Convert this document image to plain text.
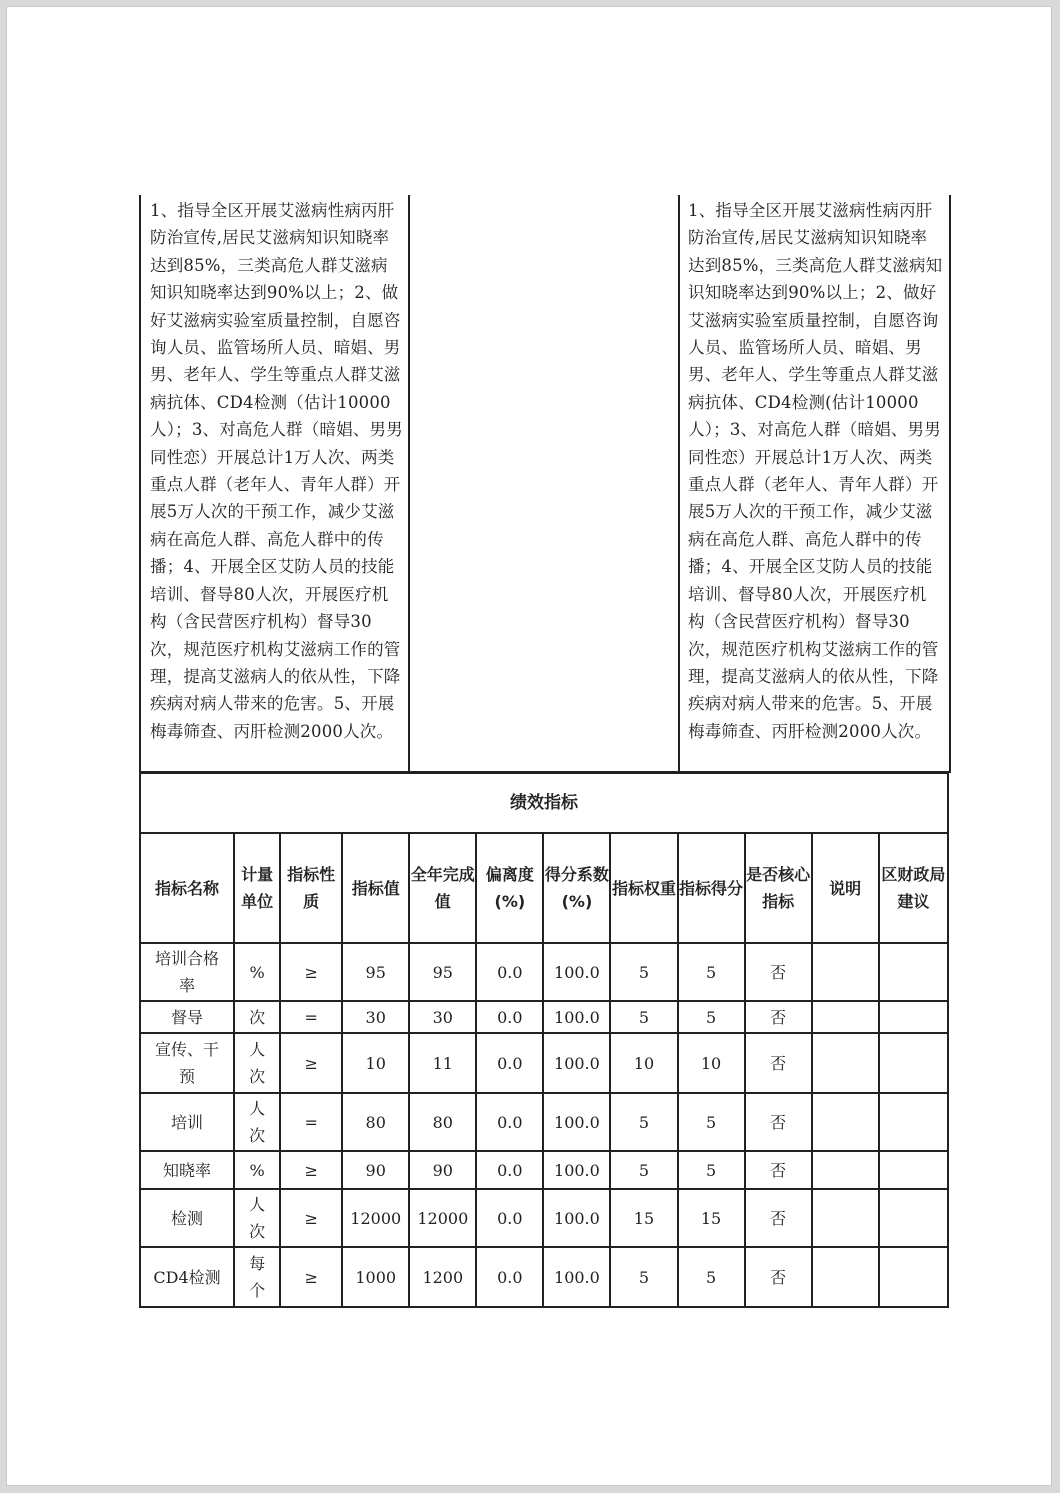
1、指导全区开展艾滋病性病丙肝防治宣传,居民艾滋病知识知晓率达到85%，三类高危人群艾滋病知识知晓率达到90%以上；2、做好艾滋病实验室质量控制，自愿咨询人员、监管场所人员、暗娼、男男、老年人、学生等重点人群艾滋病抗体、CD4检测（估计10000人）；3、对高危人群（暗娼、男男同性恋）开展总计1万人次、两类重点人群（老年人、青年人群）开展5万人次的干预工作，减少艾滋病在高危人群、高危人群中的传播；4、开展全区艾防人员的技能培训、督导80人次，开展医疗机构（含民营医疗机构）督导30次，规范医疗机构艾滋病工作的管理，提高艾滋病人的依从性，下降疾病对病人带来的危害。5、开展梅毒筛查、丙肝检测2000人次。

1、指导全区开展艾滋病性病丙肝防治宣传,居民艾滋病知识知晓率达到85%，三类高危人群艾滋病知识知晓率达到90%以上；2、做好艾滋病实验室质量控制，自愿咨询人员、监管场所人员、暗娼、男男、老年人、学生等重点人群艾滋病抗体、CD4检测(估计10000人）；3、对高危人群（暗娼、男男同性恋）开展总计1万人次、两类重点人群（老年人、青年人群）开展5万人次的干预工作，减少艾滋病在高危人群、高危人群中的传播；4、开展全区艾防人员的技能培训、督导80人次，开展医疗机构（含民营医疗机构）督导30次，规范医疗机构艾滋病工作的管理，提高艾滋病人的依从性，下降疾病对病人带来的危害。5、开展梅毒筛查、丙肝检测2000人次。
绩效指标											
指标名称	计量单位	指标性质	指标值	全年完成值	偏离度(%)	得分系数(%)	指标权重	指标得分	是否核心指标	说明	区财政局建议
培训合格率	%	≥	95	95	0.0	100.0	5	5	否		
督导	次	=	30	30	0.0	100.0	5	5	否		
宣传、干预	人次	≥	10	11	0.0	100.0	10	10	否		
培训	人次	=	80	80	0.0	100.0	5	5	否		
知晓率	%	≥	90	90	0.0	100.0	5	5	否		
检测	人次	≥	12000	12000	0.0	100.0	15	15	否		
CD4检测	每个	≥	1000	1200	0.0	100.0	5	5	否		
